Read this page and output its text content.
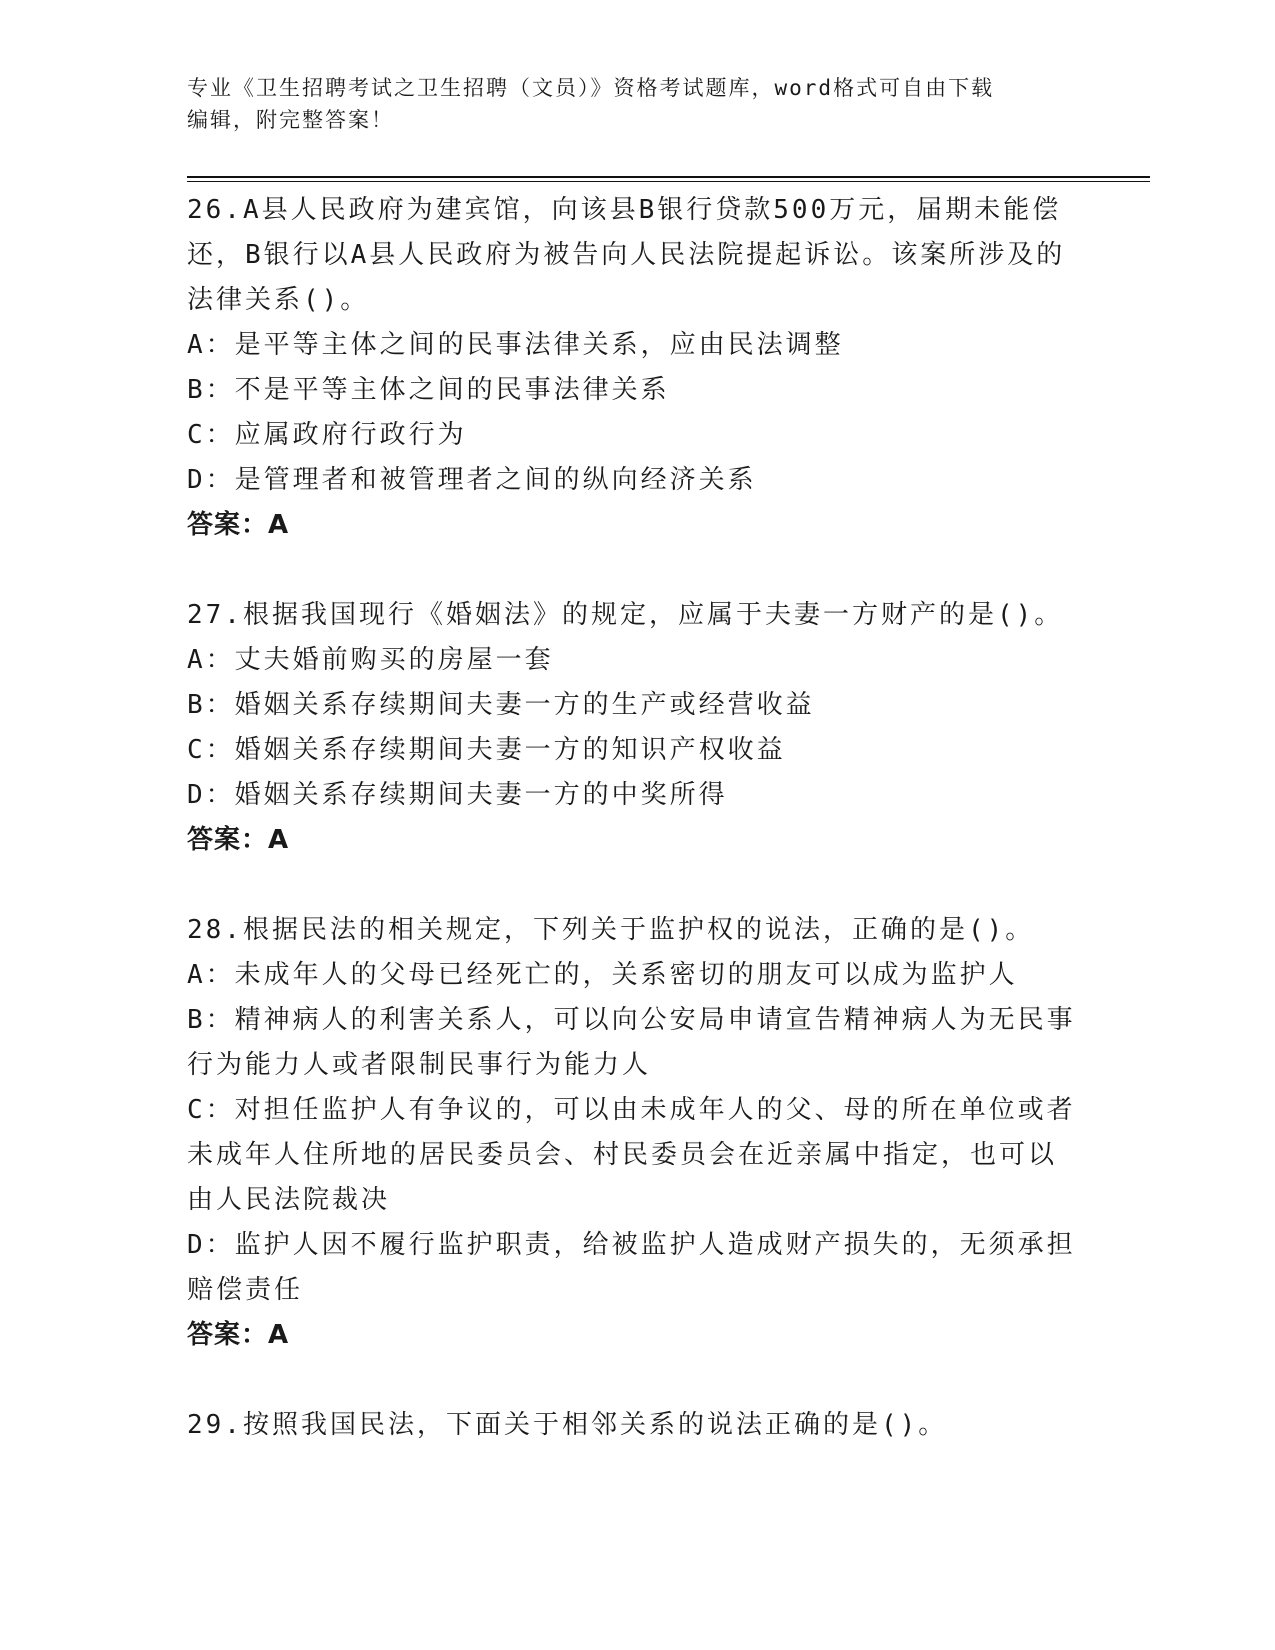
专业《卫生招聘考试之卫生招聘（文员）》资格考试题库，word格式可自由下载
编辑，附完整答案！

26.A县人民政府为建宾馆，向该县B银行贷款500万元，届期未能偿

还，B银行以A县人民政府为被告向人民法院提起诉讼。该案所涉及的

法律关系()。

A：是平等主体之间的民事法律关系，应由民法调整

B：不是平等主体之间的民事法律关系

C：应属政府行政行为

D：是管理者和被管理者之间的纵向经济关系

答案：A

27.根据我国现行《婚姻法》的规定，应属于夫妻一方财产的是()。

A：丈夫婚前购买的房屋一套

B：婚姻关系存续期间夫妻一方的生产或经营收益

C：婚姻关系存续期间夫妻一方的知识产权收益

D：婚姻关系存续期间夫妻一方的中奖所得

答案：A

28.根据民法的相关规定，下列关于监护权的说法，正确的是()。

A：未成年人的父母已经死亡的，关系密切的朋友可以成为监护人

B：精神病人的利害关系人，可以向公安局申请宣告精神病人为无民事

行为能力人或者限制民事行为能力人

C：对担任监护人有争议的，可以由未成年人的父、母的所在单位或者

未成年人住所地的居民委员会、村民委员会在近亲属中指定，也可以

由人民法院裁决

D：监护人因不履行监护职责，给被监护人造成财产损失的，无须承担

赔偿责任

答案：A

29.按照我国民法，下面关于相邻关系的说法正确的是()。
